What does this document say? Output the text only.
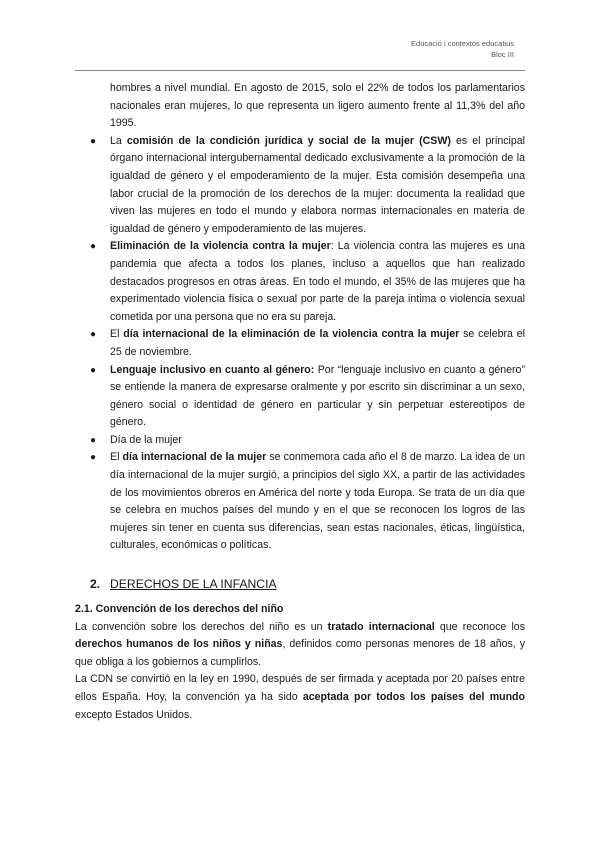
Educació i contextos educatius
Bloc III

hombres a nivel mundial. En agosto de 2015, solo el 22% de todos los parlamentarios nacionales eran mujeres, lo que representa un ligero aumento frente al 11,3% del año 1995.

● La comisión de la condición jurídica y social de la mujer (CSW) es el principal órgano internacional intergubernamental dedicado exclusivamente a la promoción de la igualdad de género y el empoderamiento de la mujer. Esta comisión desempeña una labor crucial de la promoción de los derechos de la mujer: documenta la realidad que viven las mujeres en todo el mundo y elabora normas internacionales en materia de igualdad de género y empoderamiento de las mujeres.
● Eliminación de la violencia contra la mujer: La violencia contra las mujeres es una pandemia que afecta a todos los planes, incluso a aquellos que han realizado destacados progresos en otras áreas. En todo el mundo, el 35% de las mujeres que ha experimentado violencia física o sexual por parte de la pareja intima o violencia sexual cometida por una persona que no era su pareja.
● El día internacional de la eliminación de la violencia contra la mujer se celebra el 25 de noviembre.
● Lenguaje inclusivo en cuanto al género: Por “lenguaje inclusivo en cuanto a género” se entiende la manera de expresarse oralmente y por escrito sin discriminar a un sexo, género social o identidad de género en particular y sin perpetuar estereotipos de género.
● Día de la mujer
● El día internacional de la mujer se conmemora cada año el 8 de marzo. La idea de un día internacional de la mujer surgió, a principios del siglo XX, a partir de las actividades de los movimientos obreros en América del norte y toda Europa. Se trata de un día que se celebra en muchos países del mundo y en el que se reconocen los logros de las mujeres sin tener en cuenta sus diferencias, sean estas nacionales, éticas, lingüística, culturales, económicas o políticas.
2. DERECHOS DE LA INFANCIA
2.1. Convención de los derechos del niño

La convención sobre los derechos del niño es un tratado internacional que reconoce los derechos humanos de los niños y niñas, definidos como personas menores de 18 años, y que obliga a los gobiernos a cumplirlos.

La CDN se convirtió en la ley en 1990, después de ser firmada y aceptada por 20 países entre ellos España. Hoy, la convención ya ha sido aceptada por todos los países del mundo excepto Estados Unidos.
